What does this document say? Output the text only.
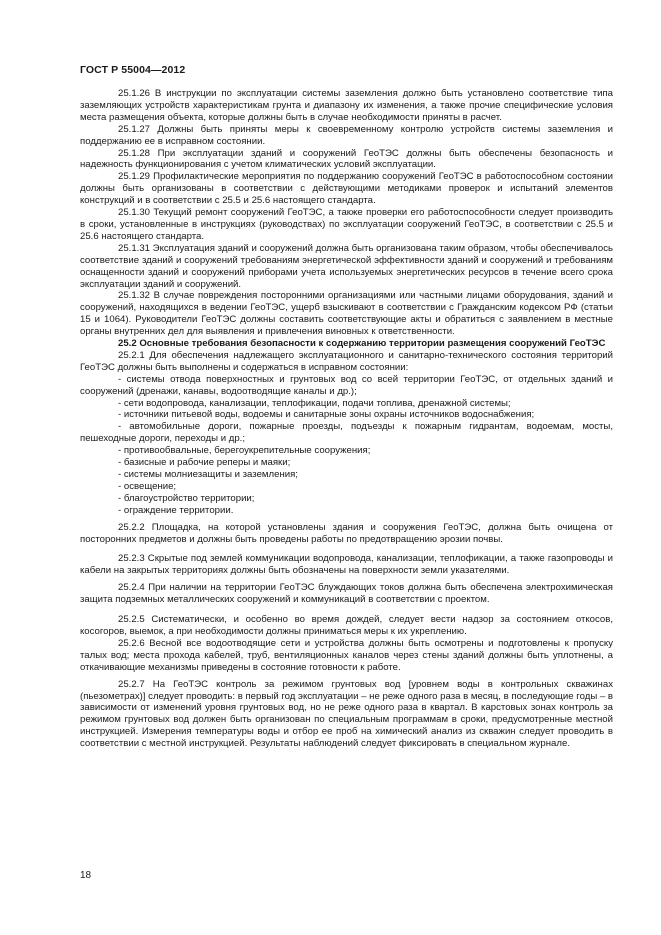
ГОСТ Р 55004—2012

25.1.26 В инструкции по эксплуатации системы заземления должно быть установлено соответствие типа заземляющих устройств характеристикам грунта и диапазону их изменения, а также прочие специфические условия места размещения объекта, которые должны быть в случае необходимости приняты в расчет.

25.1.27 Должны быть приняты меры к своевременному контролю устройств системы заземления и поддержанию ее в исправном состоянии.

25.1.28 При эксплуатации зданий и сооружений ГеоТЭС должны быть обеспечены безопасность и надежность функционирования с учетом климатических условий эксплуатации.

25.1.29 Профилактические мероприятия по поддержанию сооружений ГеоТЭС в работоспособном состоянии должны быть организованы в соответствии с действующими методиками проверок и испытаний элементов конструкций и в соответствии с 25.5 и 25.6 настоящего стандарта.

25.1.30 Текущий ремонт сооружений ГеоТЭС, а также проверки его работоспособности следует производить в сроки, установленные в инструкциях (руководствах) по эксплуатации сооружений ГеоТЭС, в соответствии с 25.5 и 25.6 настоящего стандарта.

25.1.31 Эксплуатация зданий и сооружений должна быть организована таким образом, чтобы обеспечивалось соответствие зданий и сооружений требованиям энергетической эффективности зданий и сооружений и требованиям оснащенности зданий и сооружений приборами учета используемых энергетических ресурсов в течение всего срока эксплуатации зданий и сооружений.

25.1.32 В случае повреждения посторонними организациями или частными лицами оборудования, зданий и сооружений, находящихся в ведении ГеоТЭС, ущерб взыскивают в соответствии с Гражданским кодексом РФ (статьи 15 и 1064). Руководители ГеоТЭС должны составить соответствующие акты и обратиться с заявлением в местные органы внутренних дел для выявления и привлечения виновных к ответственности.

25.2 Основные требования безопасности к содержанию территории размещения сооружений ГеоТЭС

25.2.1 Для обеспечения надлежащего эксплуатационного и санитарно-технического состояния территорий ГеоТЭС должны быть выполнены и содержаться в исправном состоянии:

- системы отвода поверхностных и грунтовых вод со всей территории ГеоТЭС, от отдельных зданий и сооружений (дренажи, канавы, водоотводящие каналы и др.);
- сети водопровода, канализации, теплофикации, подачи топлива, дренажной системы;
- источники питьевой воды, водоемы и санитарные зоны охраны источников водоснабжения;
- автомобильные дороги, пожарные проезды, подъезды к пожарным гидрантам, водоемам, мосты, пешеходные дороги, переходы и др.;
- противообвальные, берегоукрепительные сооружения;
- базисные и рабочие реперы и маяки;
- системы молниезащиты и заземления;
- освещение;
- благоустройство территории;
- ограждение территории.

25.2.2 Площадка, на которой установлены здания и сооружения ГеоТЭС, должна быть очищена от посторонних предметов и должны быть проведены работы по предотвращению эрозии почвы.

25.2.3 Скрытые под землей коммуникации водопровода, канализации, теплофикации, а также газопроводы и кабели на закрытых территориях должны быть обозначены на поверхности земли указателями.

25.2.4 При наличии на территории ГеоТЭС блуждающих токов должна быть обеспечена электрохимическая защита подземных металлических сооружений и коммуникаций в соответствии с проектом.

25.2.5 Систематически, и особенно во время дождей, следует вести надзор за состоянием откосов, косогоров, выемок, а при необходимости должны приниматься меры к их укреплению.

25.2.6 Весной все водоотводящие сети и устройства должны быть осмотрены и подготовлены к пропуску талых вод; места прохода кабелей, труб, вентиляционных каналов через стены зданий должны быть уплотнены, а откачивающие механизмы приведены в состояние готовности к работе.

25.2.7 На ГеоТЭС контроль за режимом грунтовых вод [уровнем воды в контрольных скважинах (пьезометрах)] следует проводить: в первый год эксплуатации – не реже одного раза в месяц, в последующие годы – в зависимости от изменений уровня грунтовых вод, но не реже одного раза в квартал. В карстовых зонах контроль за режимом грунтовых вод должен быть организован по специальным программам в сроки, предусмотренные местной инструкцией. Измерения температуры воды и отбор ее проб на химический анализ из скважин следует проводить в соответствии с местной инструкцией. Результаты наблюдений следует фиксировать в специальном журнале.

18
